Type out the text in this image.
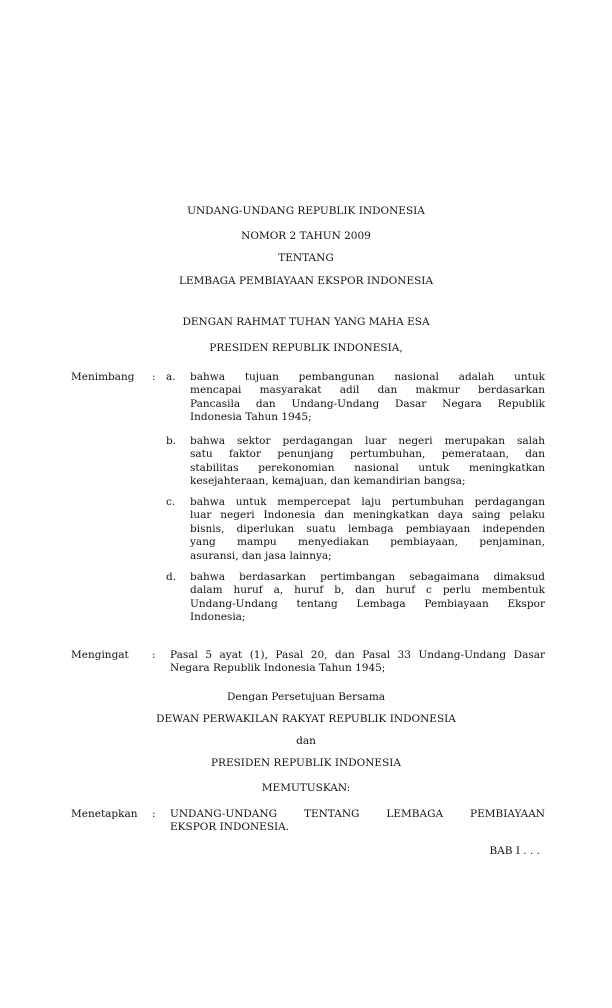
UNDANG-UNDANG REPUBLIK INDONESIA
NOMOR 2 TAHUN 2009
TENTANG
LEMBAGA PEMBIAYAAN EKSPOR INDONESIA
DENGAN RAHMAT TUHAN YANG MAHA ESA
PRESIDEN REPUBLIK INDONESIA,
Menimbang : a. bahwa tujuan pembangunan nasional adalah untuk
mencapai masyarakat adil dan makmur berdasarkan
Pancasila dan Undang-Undang Dasar Negara Republik
Indonesia Tahun 1945;
b. bahwa sektor perdagangan luar negeri merupakan salah
satu faktor penunjang pertumbuhan, pemerataan, dan
stabilitas perekonomian nasional untuk meningkatkan
kesejahteraan, kemajuan, dan kemandirian bangsa;
c. bahwa untuk mempercepat laju pertumbuhan perdagangan
luar negeri Indonesia dan meningkatkan daya saing pelaku
bisnis, diperlukan suatu lembaga pembiayaan independen
yang mampu menyediakan pembiayaan, penjaminan,
asuransi, dan jasa lainnya;
d. bahwa berdasarkan pertimbangan sebagaimana dimaksud
dalam huruf a, huruf b, dan huruf c perlu membentuk
Undang-Undang tentang Lembaga Pembiayaan Ekspor
Indonesia;
Mengingat : Pasal 5 ayat (1), Pasal 20, dan Pasal 33 Undang-Undang Dasar
Negara Republik Indonesia Tahun 1945;
Dengan Persetujuan Bersama
DEWAN PERWAKILAN RAKYAT REPUBLIK INDONESIA
dan
PRESIDEN REPUBLIK INDONESIA
MEMUTUSKAN:
Menetapkan : UNDANG-UNDANG TENTANG LEMBAGA PEMBIAYAAN
EKSPOR INDONESIA.
BAB I . . .
